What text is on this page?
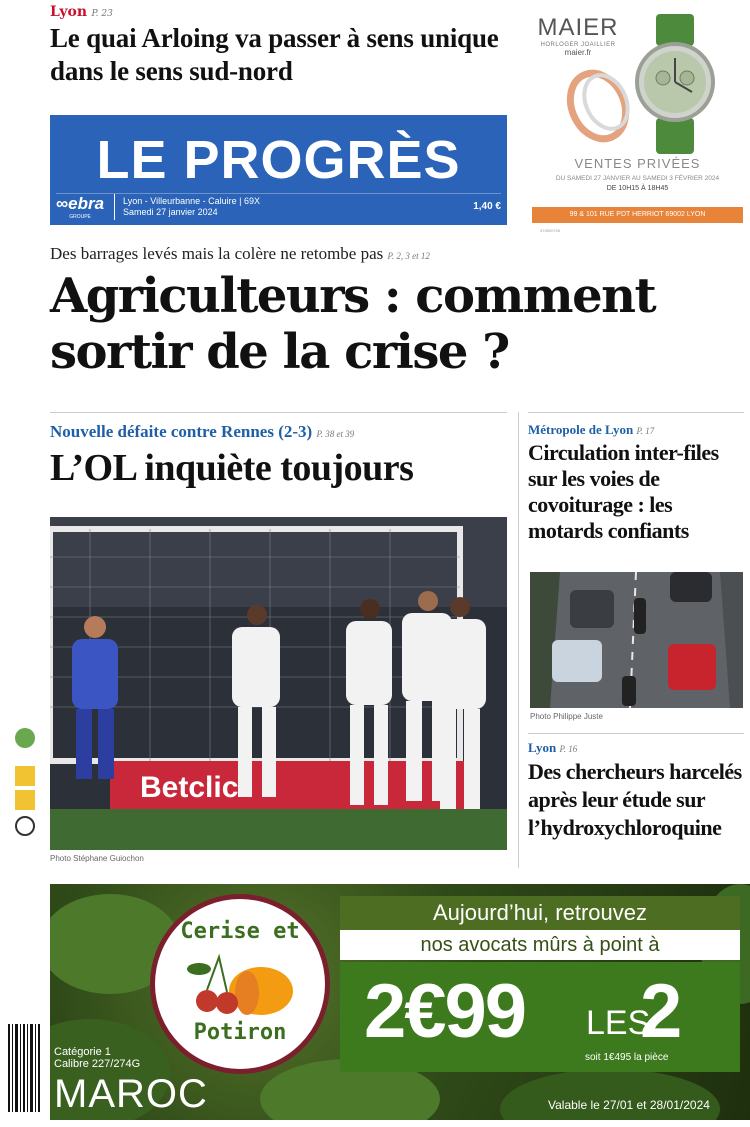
Lyon P. 23
Le quai Arloing va passer à sens unique dans le sens sud-nord
LE PROGRÈS
∞ebra
GROUPE
Lyon - Villeurbanne - Caluire | 69X
Samedi 27 janvier 2024	1,40 €
MAIER
HORLOGER JOAILLIER
maier.fr
VENTES PRIVÉES
DU SAMEDI 27 JANVIER AU SAMEDI 3 FÉVRIER 2024
DE 10H15 À 18H45
99 & 101 RUE PDT HERRIOT 69002 LYON
374520705
Des barrages levés mais la colère ne retombe pas P. 2, 3 et 12
Agriculteurs : comment sortir de la crise ?
Nouvelle défaite contre Rennes (2-3) P. 38 et 39
L’OL inquiète toujours
Betclic
Photo Stéphane Guiochon
Métropole de Lyon P. 17
Circulation inter-files sur les voies de covoiturage : les motards confiants
Photo Philippe Juste
Lyon P. 16
Des chercheurs harcelés après leur étude sur l’hydroxychloroquine
Cerise et
Potiron
Aujourd’hui, retrouvez
nos avocats mûrs à point à
2€99 LES
2
soit 1€495 la pièce
Catégorie 1
Calibre 227/274G
MAROC	Valable le 27/01 et 28/01/2024
